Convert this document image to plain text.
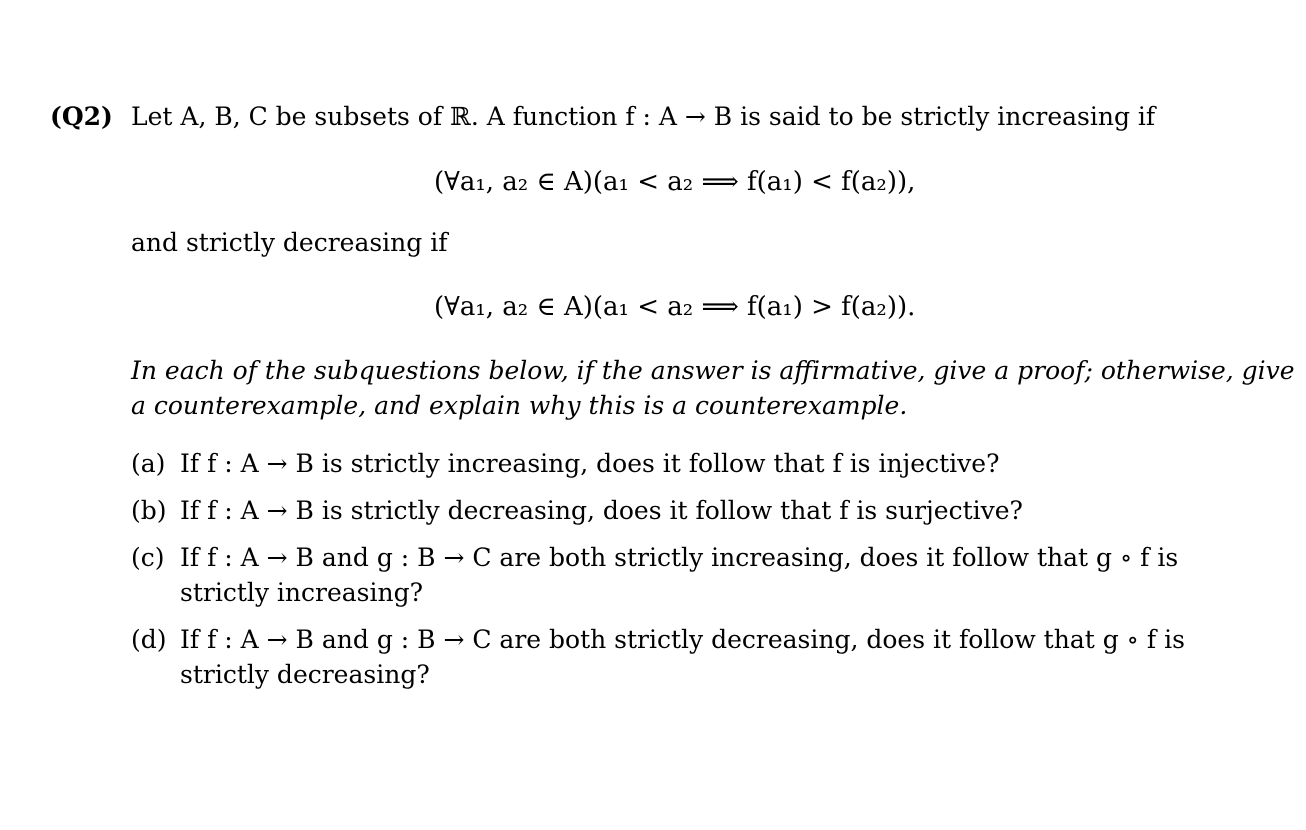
(Q2) Let A, B, C be subsets of ℝ. A function f : A → B is said to be strictly increasing if
(∀a₁, a₂ ∈ A)(a₁ < a₂ ⟹ f(a₁) < f(a₂)),
and strictly decreasing if
(∀a₁, a₂ ∈ A)(a₁ < a₂ ⟹ f(a₁) > f(a₂)).
In each of the subquestions below, if the answer is affirmative, give a proof; otherwise, give
a counterexample, and explain why this is a counterexample.
(a) If f : A → B is strictly increasing, does it follow that f is injective?
(b) If f : A → B is strictly decreasing, does it follow that f is surjective?
(c) If f : A → B and g : B → C are both strictly increasing, does it follow that g ∘ f is
strictly increasing?
(d) If f : A → B and g : B → C are both strictly decreasing, does it follow that g ∘ f is
strictly decreasing?
